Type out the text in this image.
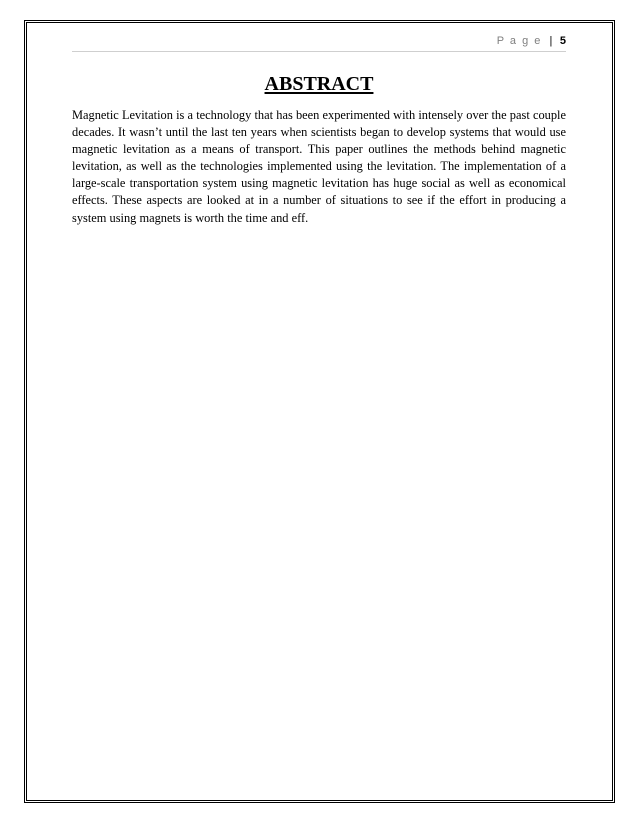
P a g e | 5
ABSTRACT

Magnetic Levitation is a technology that has been experimented with intensely over the past couple decades. It wasn’t until the last ten years when scientists began to develop systems that would use magnetic levitation as a means of transport. This paper outlines the methods behind magnetic levitation, as well as the technologies implemented using the levitation. The implementation of a large-scale transportation system using magnetic levitation has huge social as well as economical effects. These aspects are looked at in a number of situations to see if the effort in producing a system using magnets is worth the time and eff.
